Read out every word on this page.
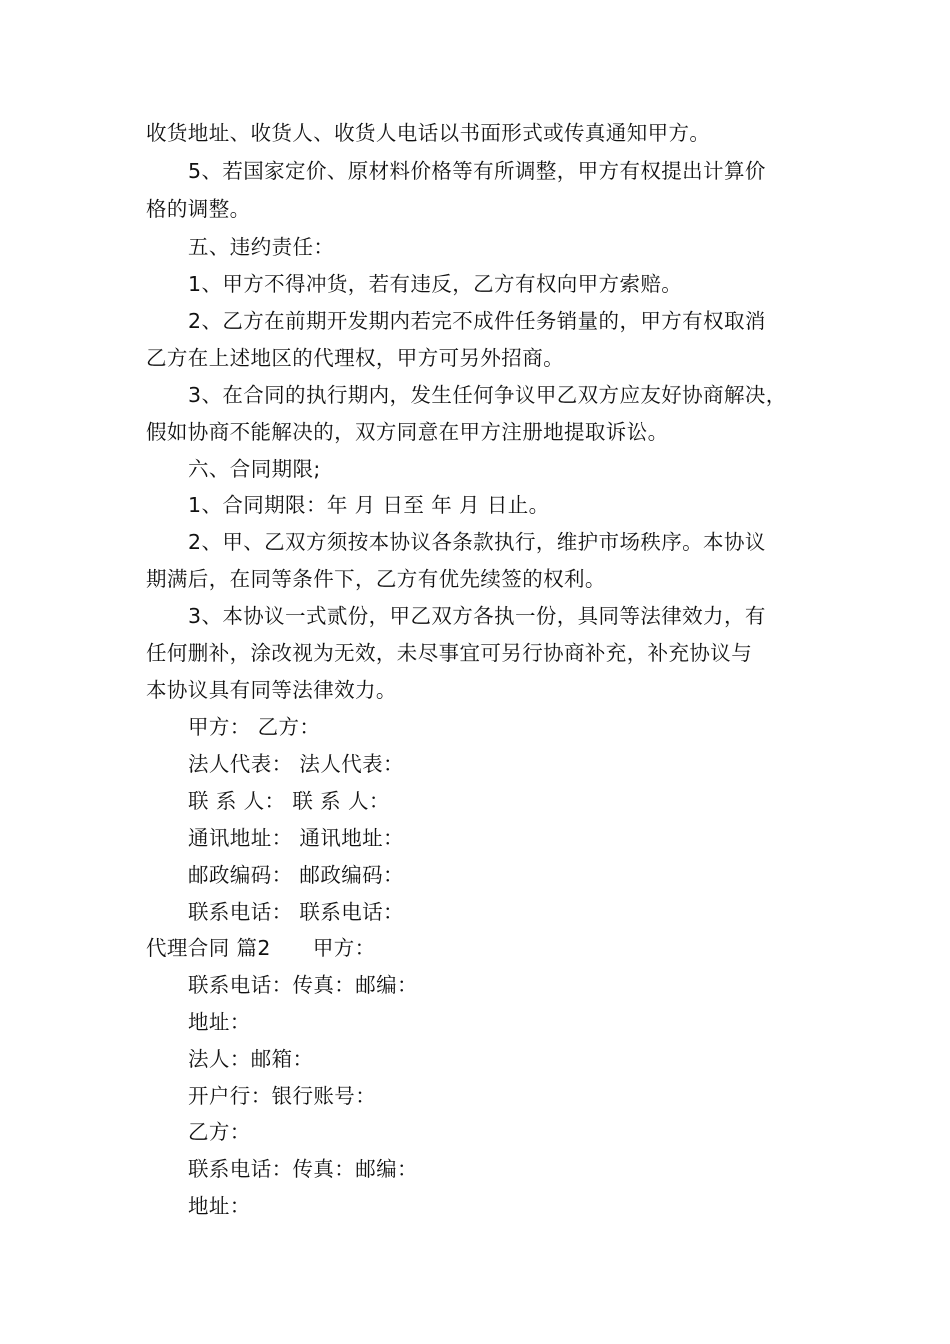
收货地址、收货人、收货人电话以书面形式或传真通知甲方。
5、若国家定价、原材料价格等有所调整，甲方有权提出计算价
格的调整。
五、违约责任：
1、甲方不得冲货，若有违反，乙方有权向甲方索赔。
2、乙方在前期开发期内若完不成件任务销量的，甲方有权取消
乙方在上述地区的代理权，甲方可另外招商。
3、在合同的执行期内，发生任何争议甲乙双方应友好协商解决，
假如协商不能解决的，双方同意在甲方注册地提取诉讼。
六、合同期限;
1、合同期限：年 月 日至 年 月 日止。
2、甲、乙双方须按本协议各条款执行，维护市场秩序。本协议
期满后，在同等条件下，乙方有优先续签的权利。
3、本协议一式贰份，甲乙双方各执一份，具同等法律效力，有
任何删补，涂改视为无效，未尽事宜可另行协商补充，补充协议与
本协议具有同等法律效力。
甲方： 乙方：
法人代表： 法人代表：
联 系 人： 联 系 人：
通讯地址： 通讯地址：
邮政编码： 邮政编码：
联系电话： 联系电话：
代理合同 篇2 甲方：
联系电话：传真：邮编：
地址：
法人：邮箱：
开户行：银行账号：
乙方：
联系电话：传真：邮编：
地址：
